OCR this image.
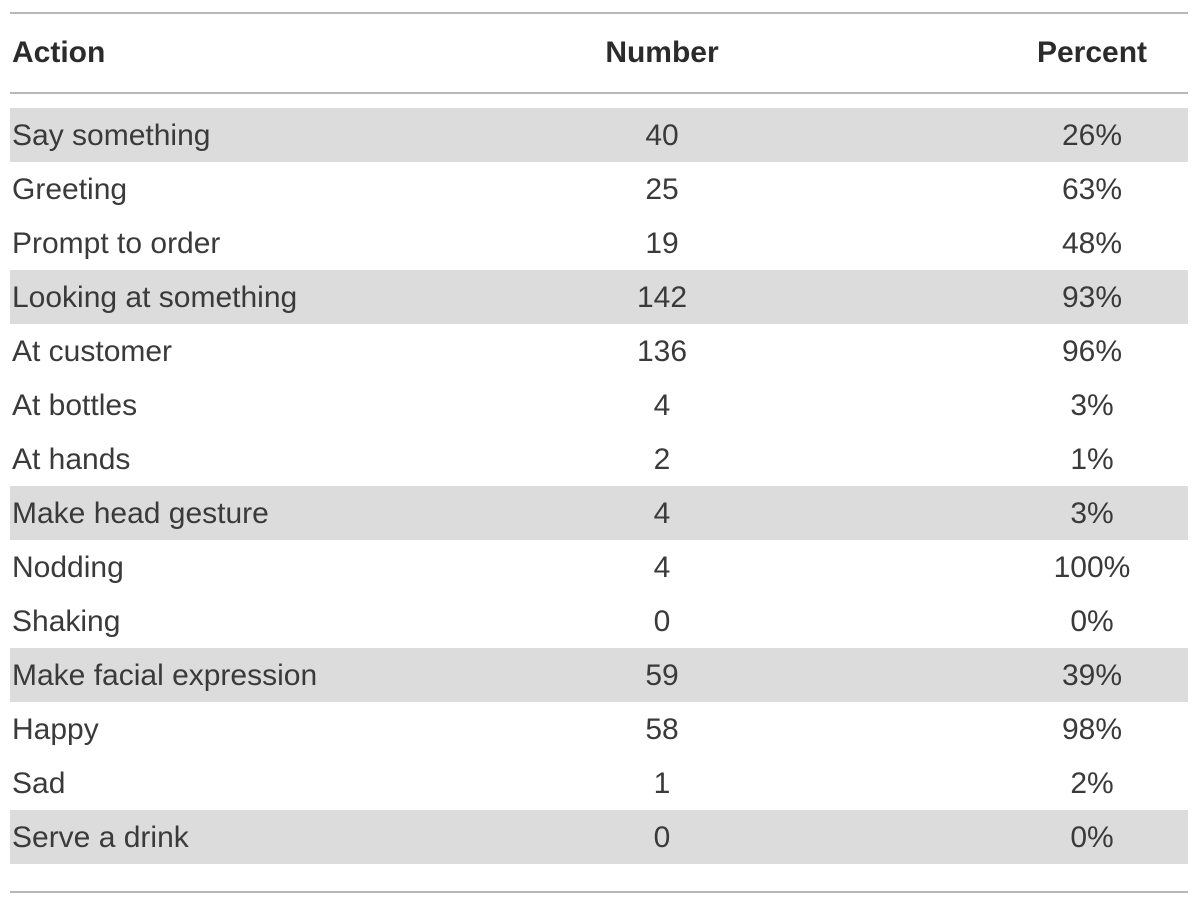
Action	Number	Percent
Say something	40	26%
Greeting	25	63%
Prompt to order	19	48%
Looking at something	142	93%
At customer	136	96%
At bottles	4	3%
At hands	2	1%
Make head gesture	4	3%
Nodding	4	100%
Shaking	0	0%
Make facial expression	59	39%
Happy	58	98%
Sad	1	2%
Serve a drink	0	0%
